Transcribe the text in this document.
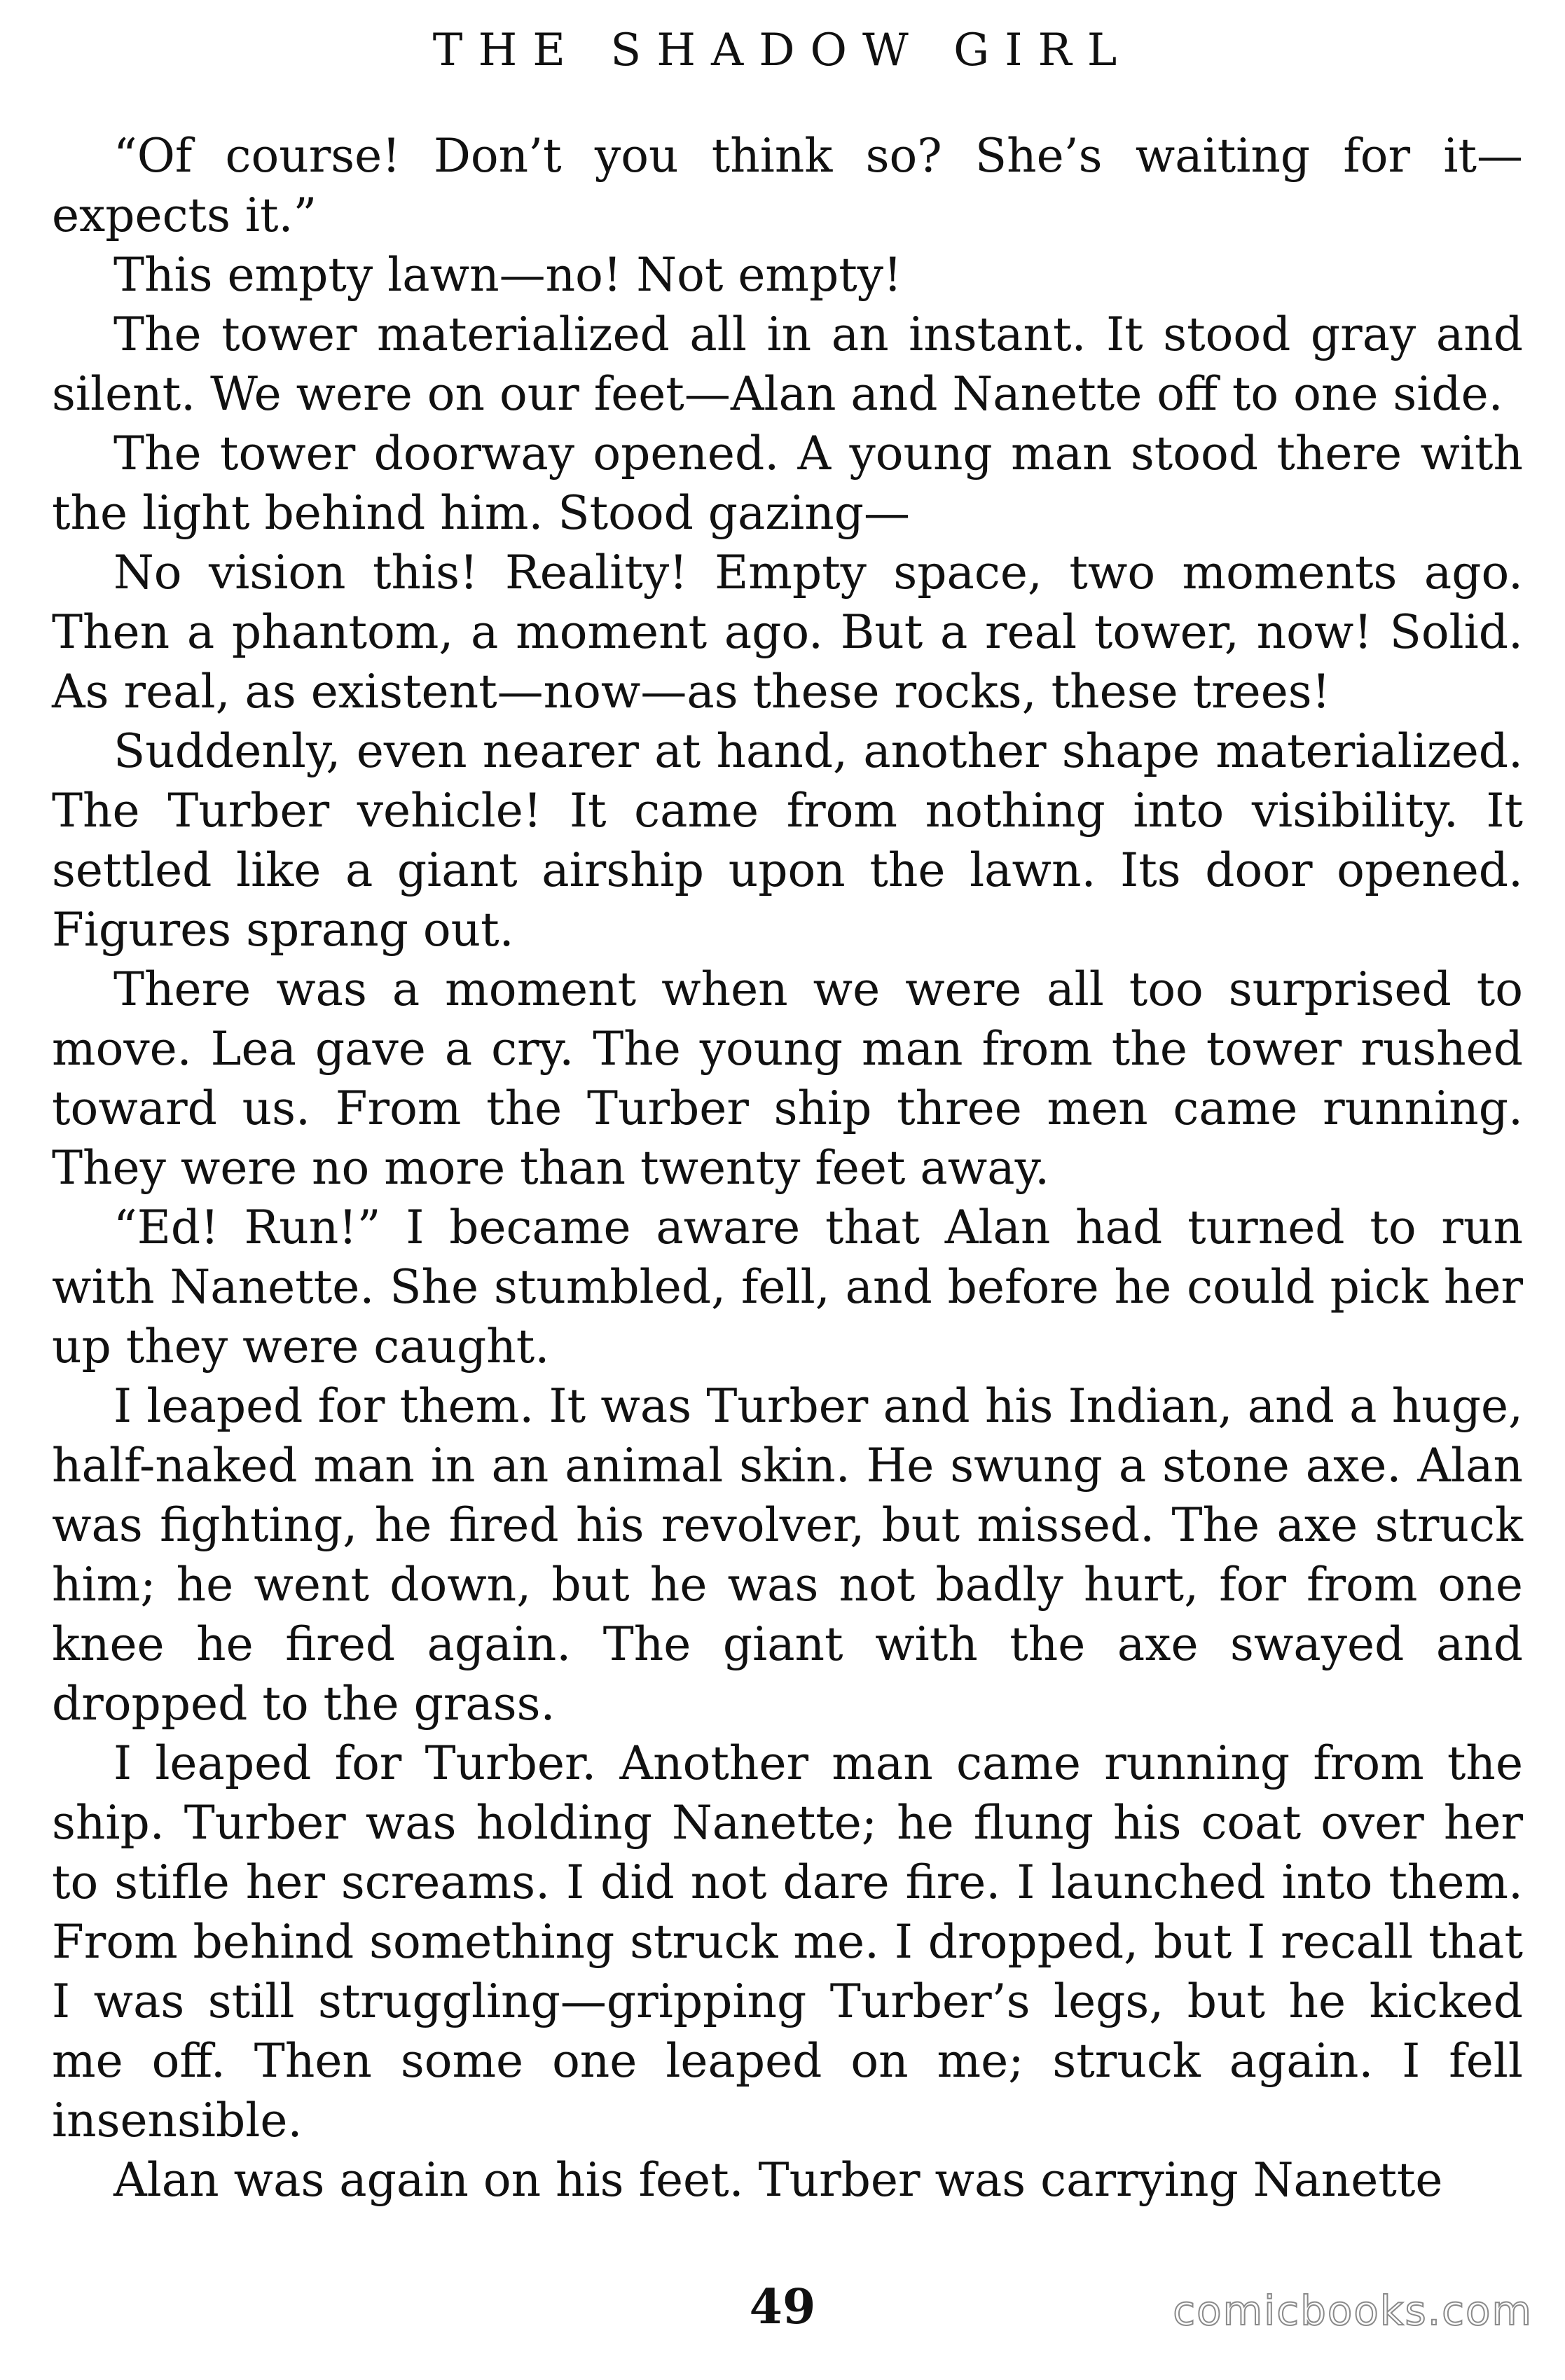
THE SHADOW GIRL

“Of course! Don’t you think so? She’s waiting for it—expects it.”

This empty lawn—no! Not empty!

The tower materialized all in an instant. It stood gray and silent. We were on our feet—Alan and Nanette off to one side.

The tower doorway opened. A young man stood there with the light behind him. Stood gazing—

No vision this! Reality! Empty space, two moments ago. Then a phantom, a moment ago. But a real tower, now! Solid. As real, as existent—now—as these rocks, these trees!

Suddenly, even nearer at hand, another shape materialized. The Turber vehicle! It came from nothing into visibility. It settled like a giant airship upon the lawn. Its door opened. Figures sprang out.

There was a moment when we were all too surprised to move. Lea gave a cry. The young man from the tower rushed toward us. From the Turber ship three men came running. They were no more than twenty feet away.

“Ed! Run!” I became aware that Alan had turned to run with Nanette. She stumbled, fell, and before he could pick her up they were caught.

I leaped for them. It was Turber and his Indian, and a huge, half-naked man in an animal skin. He swung a stone axe. Alan was fighting, he fired his revolver, but missed. The axe struck him; he went down, but he was not badly hurt, for from one knee he fired again. The giant with the axe swayed and dropped to the grass.

I leaped for Turber. Another man came running from the ship. Turber was holding Nanette; he flung his coat over her to stifle her screams. I did not dare fire. I launched into them. From behind something struck me. I dropped, but I recall that I was still struggling—gripping Turber’s legs, but he kicked me off. Then some one leaped on me; struck again. I fell insensible.

Alan was again on his feet. Turber was carrying Nanette

49	comicbooks.com
